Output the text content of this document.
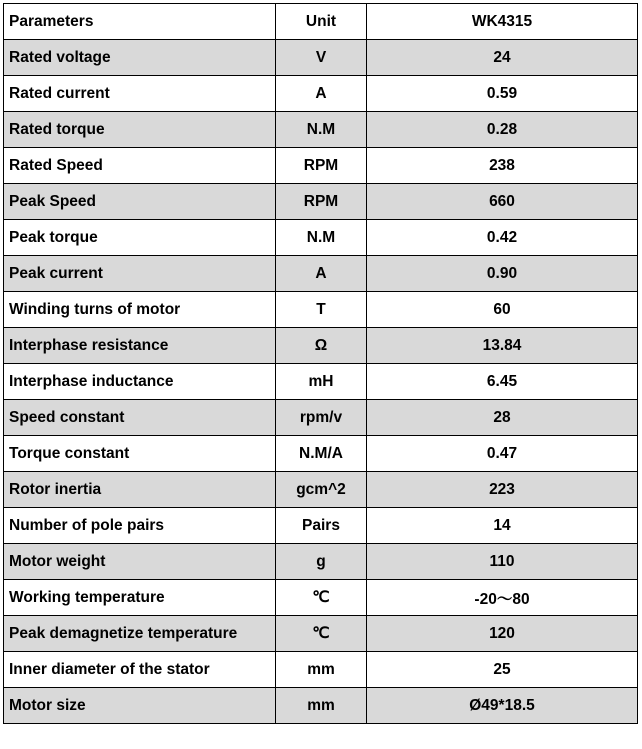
Parameters	Unit	WK4315
Rated voltage	V	24
Rated current	A	0.59
Rated torque	N.M	0.28
Rated Speed	RPM	238
Peak Speed	RPM	660
Peak torque	N.M	0.42
Peak current	A	0.90
Winding turns of motor	T	60
Interphase resistance	Ω	13.84
Interphase inductance	mH	6.45
Speed constant	rpm/v	28
Torque constant	N.M/A	0.47
Rotor inertia	gcm^2	223
Number of pole pairs	Pairs	14
Motor weight	g	110
Working temperature	℃	-20～80
Peak demagnetize temperature	℃	120
Inner diameter of the stator	mm	25
Motor size	mm	Ø49*18.5
